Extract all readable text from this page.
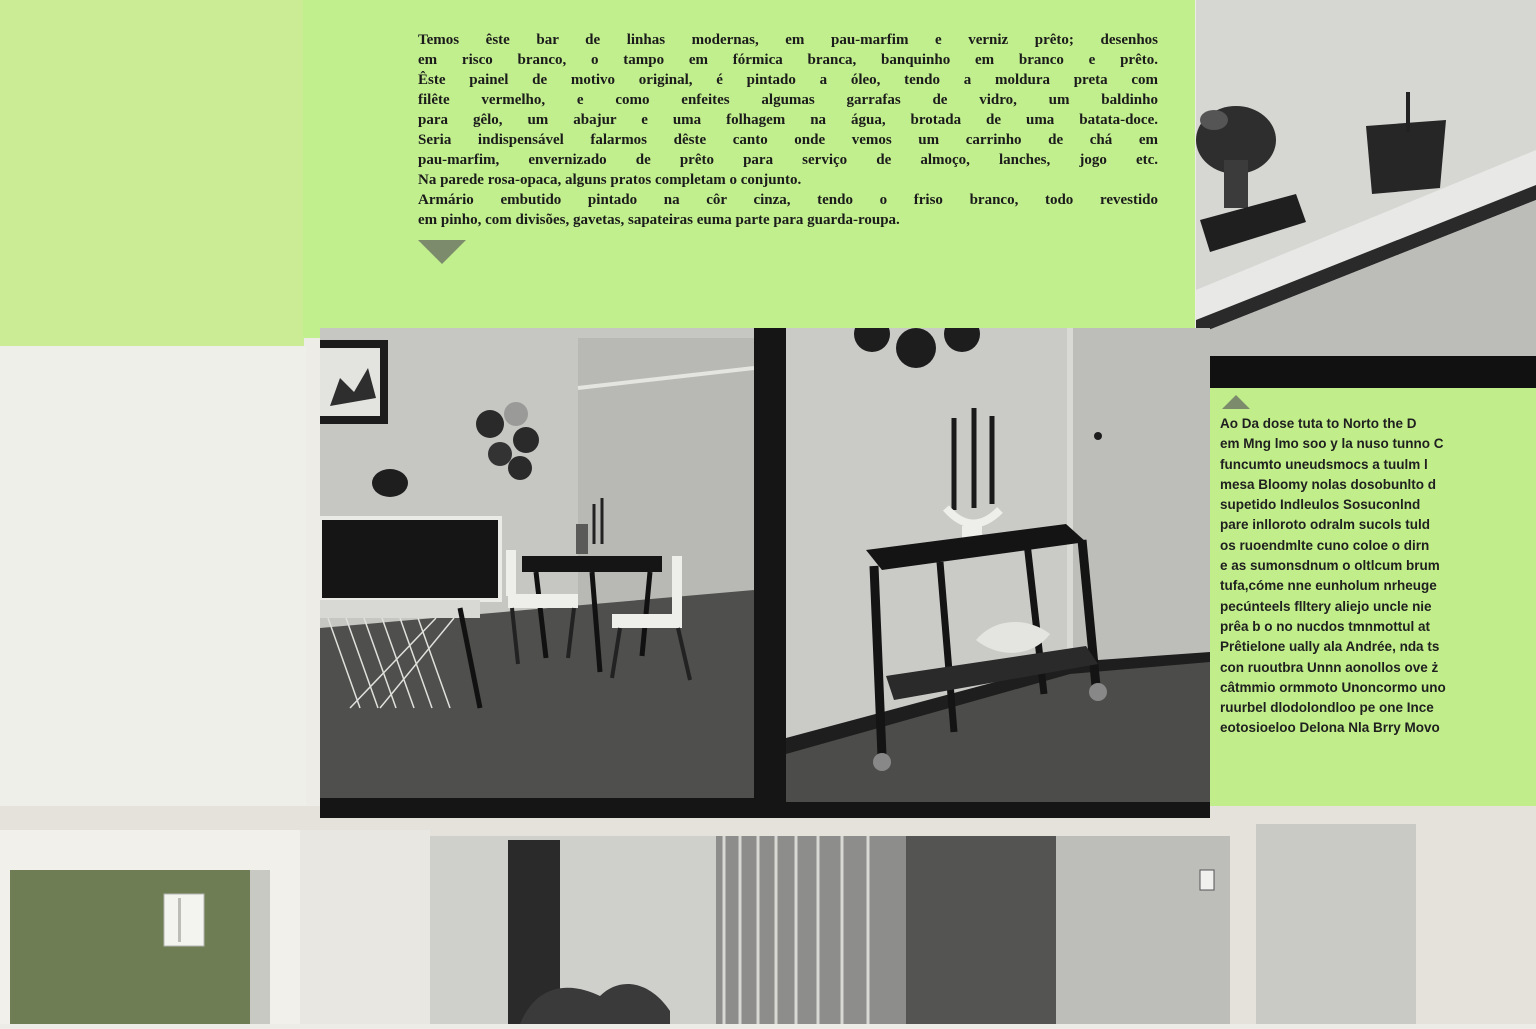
Ao Da dose tuta to Norto the D
em Mng lmo soo y la nuso tunno C
funcumto uneudsmocs a tuulm l
mesa Bloomy nolas dosobunlto d
supetido Indleulos Sosuconlnd
pare inlloroto odralm sucols tuld
os ruoendmlte cuno coloe o dirn
e as sumonsdnum o oltlcum brum
tufa,cóme nne eunholum nrheuge
pecúnteels flltery aliejo uncle nie
prêa b o no nucdos tmnmottul at
Prêtielone ually ala Andrée, nda ts
con ruoutbra Unnn aonollos ove ż
câtmmio ormmoto Unoncormo uno
ruurbel dlodolondloo pe one Ince
eotosioeloo Delona Nla Brry Movo
Temos êste bar de linhas modernas, em pau-marfim e verniz prêto; desenhos
em risco branco, o tampo em fórmica branca, banquinho em branco e prêto.
Êste painel de motivo original, é pintado a óleo, tendo a moldura preta com
filête vermelho, e como enfeites algumas garrafas de vidro, um baldinho
para gêlo, um abajur e uma folhagem na água, brotada de uma batata-doce.
Seria indispensável falarmos dêste canto onde vemos um carrinho de chá em
pau-marfim, envernizado de prêto para serviço de almoço, lanches, jogo etc.
Na parede rosa-opaca, alguns pratos completam o conjunto.
Armário embutido pintado na côr cinza, tendo o friso branco, todo revestido
em pinho, com divisões, gavetas, sapateiras euma parte para guarda-roupa.
